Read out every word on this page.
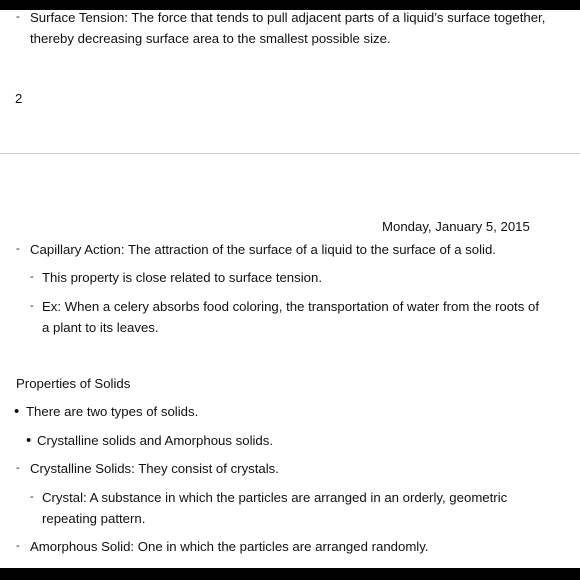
- Surface Tension: The force that tends to pull adjacent parts of a liquid’s surface together,
thereby decreasing surface area to the smallest possible size.
2
Monday, January 5, 2015
- Capillary Action: The attraction of the surface of a liquid to the surface of a solid.
- This property is close related to surface tension.
- Ex: When a celery absorbs food coloring, the transportation of water from the roots of
a plant to its leaves.
Properties of Solids
• There are two types of solids.
• Crystalline solids and Amorphous solids.
- Crystalline Solids: They consist of crystals.
- Crystal: A substance in which the particles are arranged in an orderly, geometric
repeating pattern.
- Amorphous Solid: One in which the particles are arranged randomly.
